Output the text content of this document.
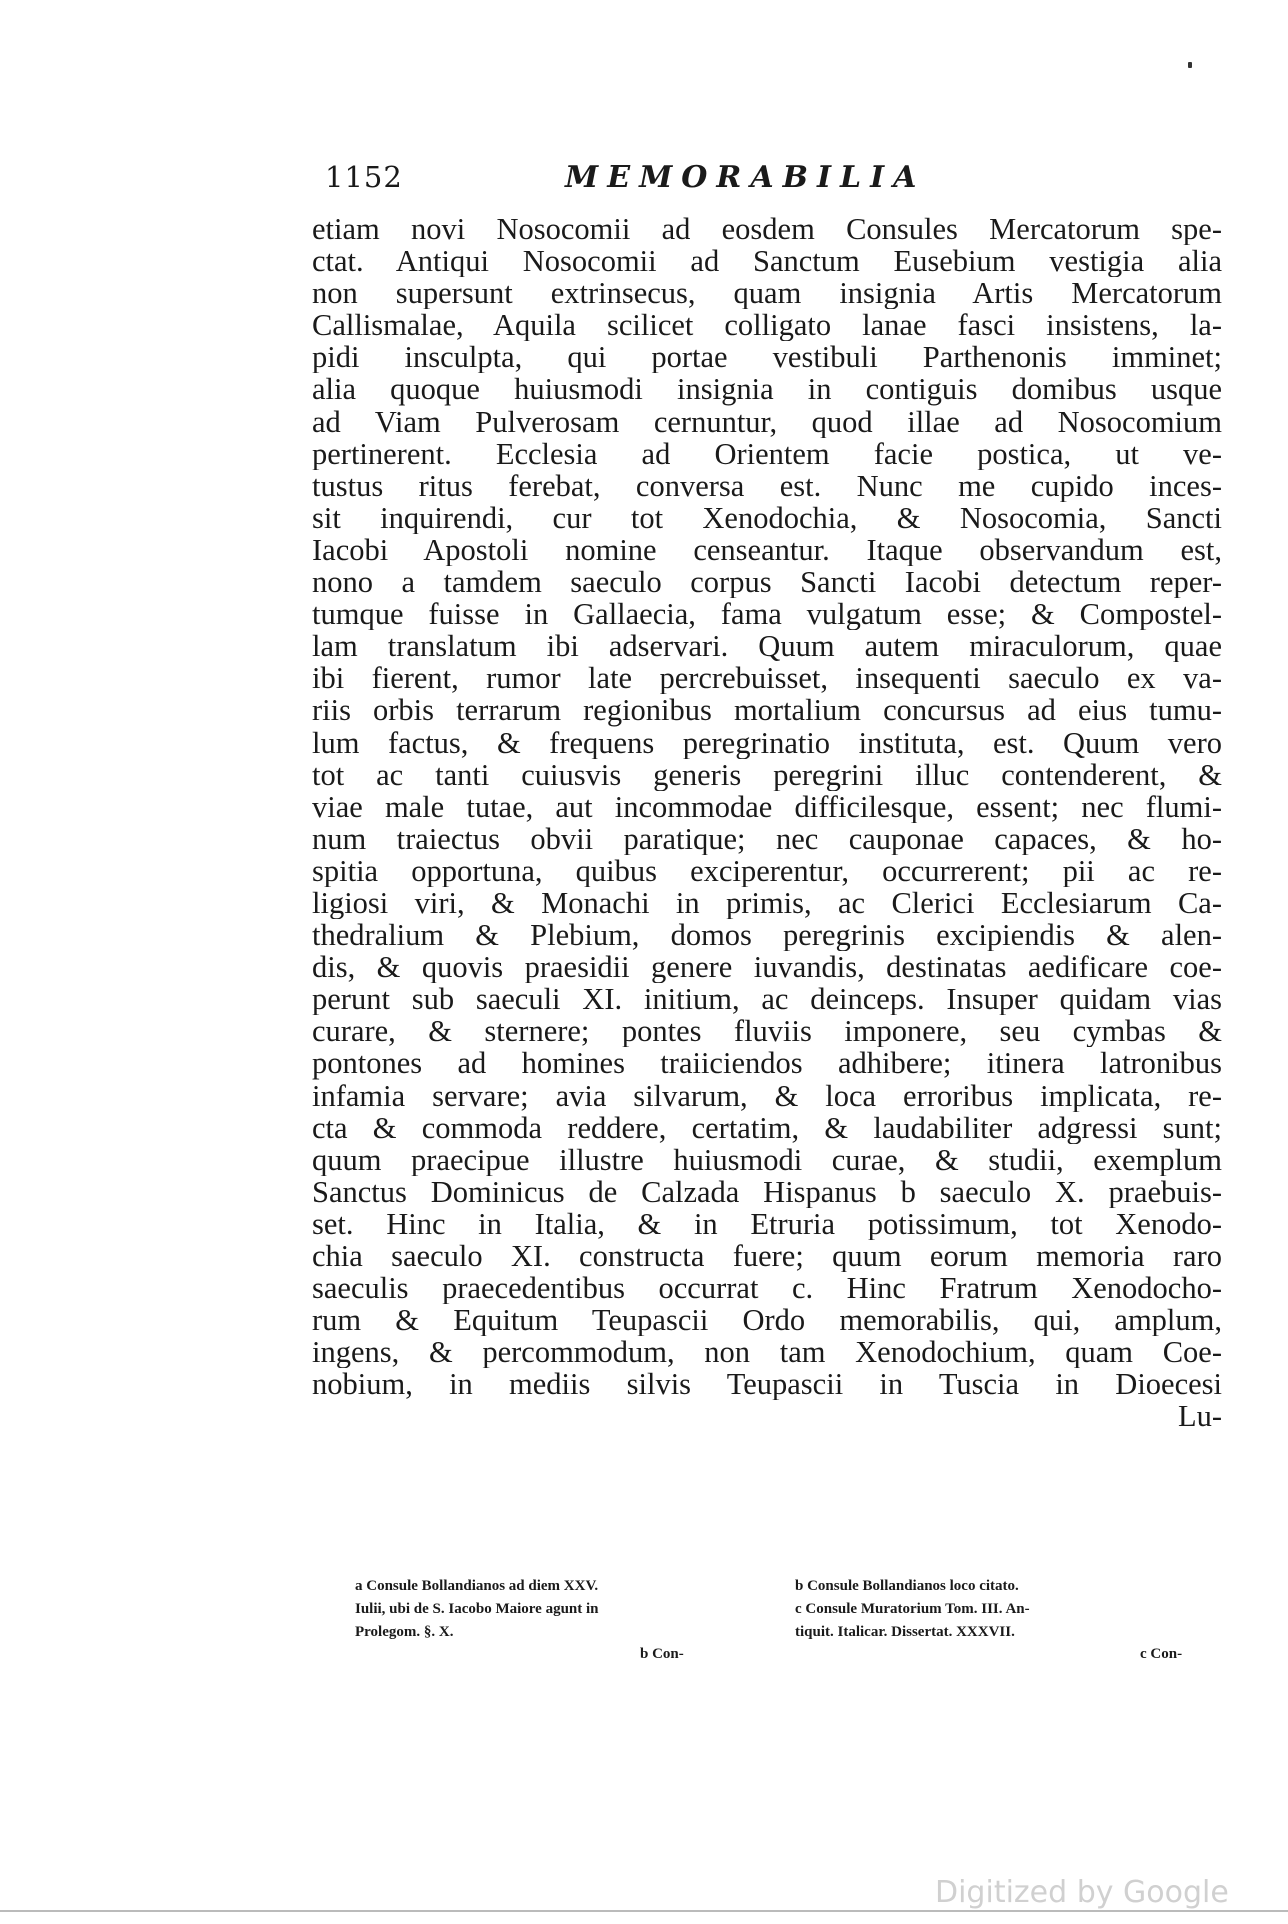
1152	MEMORABILIA
etiam novi Nosocomii ad eosdem Consules Mercatorum spe-
ctat. Antiqui Nosocomii ad Sanctum Eusebium vestigia alia
non supersunt extrinsecus, quam insignia Artis Mercatorum
Callismalae, Aquila scilicet colligato lanae fasci insistens, la-
pidi insculpta, qui portae vestibuli Parthenonis imminet;
alia quoque huiusmodi insignia in contiguis domibus usque
ad Viam Pulverosam cernuntur, quod illae ad Nosocomium
pertinerent. Ecclesia ad Orientem facie postica, ut ve-
tustus ritus ferebat, conversa est. Nunc me cupido inces-
sit inquirendi, cur tot Xenodochia, & Nosocomia, Sancti
Iacobi Apostoli nomine censeantur. Itaque observandum est,
nono a tamdem saeculo corpus Sancti Iacobi detectum reper-
tumque fuisse in Gallaecia, fama vulgatum esse; & Compostel-
lam translatum ibi adservari. Quum autem miraculorum, quae
ibi fierent, rumor late percrebuisset, insequenti saeculo ex va-
riis orbis terrarum regionibus mortalium concursus ad eius tumu-
lum factus, & frequens peregrinatio instituta, est. Quum vero
tot ac tanti cuiusvis generis peregrini illuc contenderent, &
viae male tutae, aut incommodae difficilesque, essent; nec flumi-
num traiectus obvii paratique; nec cauponae capaces, & ho-
spitia opportuna, quibus exciperentur, occurrerent; pii ac re-
ligiosi viri, & Monachi in primis, ac Clerici Ecclesiarum Ca-
thedralium & Plebium, domos peregrinis excipiendis & alen-
dis, & quovis praesidii genere iuvandis, destinatas aedificare coe-
perunt sub saeculi XI. initium, ac deinceps. Insuper quidam vias
curare, & sternere; pontes fluviis imponere, seu cymbas &
pontones ad homines traiiciendos adhibere; itinera latronibus
infamia servare; avia silvarum, & loca erroribus implicata, re-
cta & commoda reddere, certatim, & laudabiliter adgressi sunt;
quum praecipue illustre huiusmodi curae, & studii, exemplum
Sanctus Dominicus de Calzada Hispanus b saeculo X. praebuis-
set. Hinc in Italia, & in Etruria potissimum, tot Xenodo-
chia saeculo XI. constructa fuere; quum eorum memoria raro
saeculis praecedentibus occurrat c. Hinc Fratrum Xenodocho-
rum & Equitum Teupascii Ordo memorabilis, qui, amplum,
ingens, & percommodum, non tam Xenodochium, quam Coe-
nobium, in mediis silvis Teupascii in Tuscia in Dioecesi
Lu-
a Consule Bollandianos ad diem XXV.
Iulii, ubi de S. Iacobo Maiore agunt in
Prolegom. §. X.
b Consule Bollandianos loco citato.
c Consule Muratorium Tom. III. An-
tiquit. Italicar. Dissertat. XXXVII.
b Con-	c Con-
Digitized by Google
